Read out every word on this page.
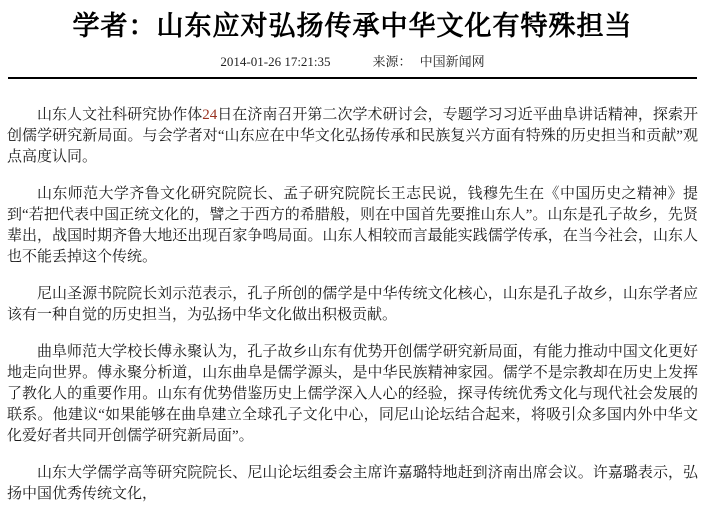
学者：山东应对弘扬传承中华文化有特殊担当
2014-01-26 17:21:35	来源： 中国新闻网

山东人文社科研究协作体24日在济南召开第二次学术研讨会，专题学习习近平曲阜讲话精神，探索开创儒学研究新局面。与会学者对“山东应在中华文化弘扬传承和民族复兴方面有特殊的历史担当和贡献”观点高度认同。

山东师范大学齐鲁文化研究院院长、孟子研究院院长王志民说，钱穆先生在《中国历史之精神》提到“若把代表中国正统文化的，譬之于西方的希腊般，则在中国首先要推山东人”。山东是孔子故乡，先贤辈出，战国时期齐鲁大地还出现百家争鸣局面。山东人相较而言最能实践儒学传承，在当今社会，山东人也不能丢掉这个传统。

尼山圣源书院院长刘示范表示，孔子所创的儒学是中华传统文化核心，山东是孔子故乡，山东学者应该有一种自觉的历史担当，为弘扬中华文化做出积极贡献。

曲阜师范大学校长傅永聚认为，孔子故乡山东有优势开创儒学研究新局面，有能力推动中国文化更好地走向世界。傅永聚分析道，山东曲阜是儒学源头，是中华民族精神家园。儒学不是宗教却在历史上发挥了教化人的重要作用。山东有优势借鉴历史上儒学深入人心的经验，探寻传统优秀文化与现代社会发展的联系。他建议“如果能够在曲阜建立全球孔子文化中心，同尼山论坛结合起来，将吸引众多国内外中华文化爱好者共同开创儒学研究新局面”。

山东大学儒学高等研究院院长、尼山论坛组委会主席许嘉璐特地赶到济南出席会议。许嘉璐表示，弘扬中国优秀传统文化，
